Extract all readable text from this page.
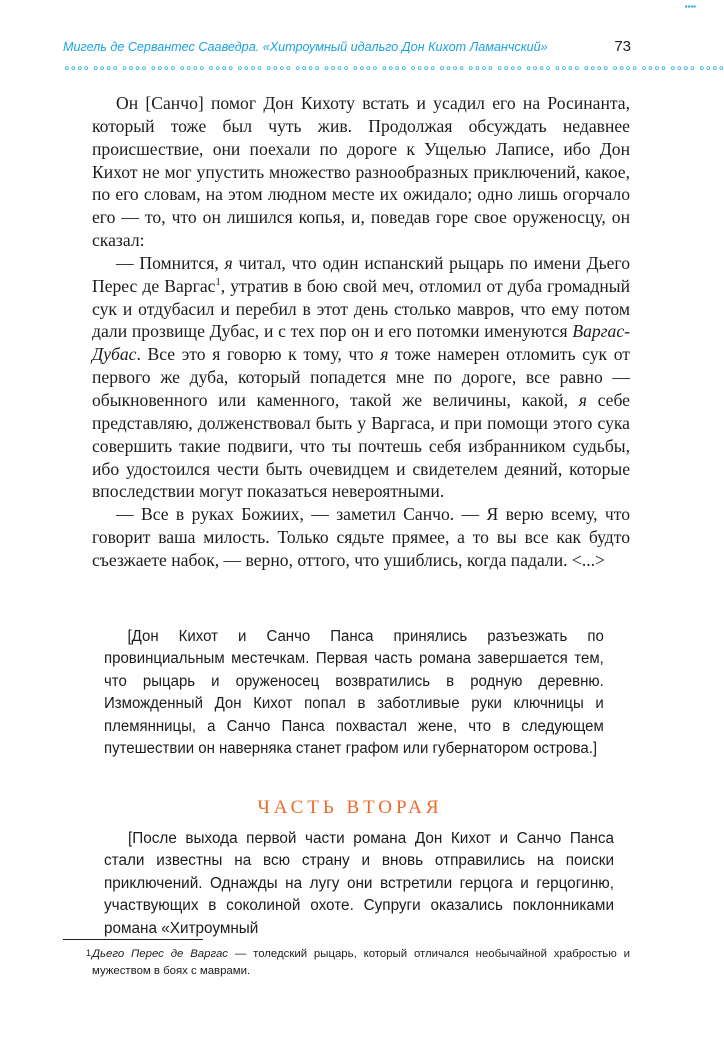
▪▪▪▪
Мигель де Сервантес Сааведра. «Хитроумный идальго Дон Кихот Ламанчский»	73
∘∘∘∘ ∘∘∘∘ ∘∘∘∘ ∘∘∘∘ ∘∘∘∘ ∘∘∘∘ ∘∘∘∘ ∘∘∘∘ ∘∘∘∘ ∘∘∘∘ ∘∘∘∘ ∘∘∘∘ ∘∘∘∘ ∘∘∘∘ ∘∘∘∘ ∘∘∘∘ ∘∘∘∘ ∘∘∘∘ ∘∘∘∘ ∘∘∘∘ ∘∘∘∘ ∘∘∘∘ ∘∘∘∘

Он [Санчо] помог Дон Кихоту встать и усадил его на Росинанта, который тоже был чуть жив. Продолжая обсуждать недавнее происшествие, они поехали по дороге к Ущелью Лаписе, ибо Дон Кихот не мог упустить множество разнообразных приключений, какое, по его словам, на этом людном месте их ожидало; одно лишь огорчало его — то, что он лишился копья, и, поведав горе свое оруженосцу, он сказал:

— Помнится, я читал, что один испанский рыцарь по имени Дьего Перес де Варгас$^1$, утратив в бою свой меч, отломил от дуба громадный сук и отдубасил и перебил в этот день столько мавров, что ему потом дали прозвище Дубас, и с тех пор он и его потомки именуются Варгас-Дубас. Все это я говорю к тому, что я тоже намерен отломить сук от первого же дуба, который попадется мне по дороге, все равно — обыкновенного или каменного, такой же величины, какой, я себе представляю, долженствовал быть у Варгаса, и при помощи этого сука совершить такие подвиги, что ты почтешь себя избранником судьбы, ибо удостоился чести быть очевидцем и свидетелем деяний, которые впоследствии могут показаться невероятными.

— Все в руках Божиих, — заметил Санчо. — Я верю всему, что говорит ваша милость. Только сядьте прямее, а то вы все как будто съезжаете набок, — верно, оттого, что ушиблись, когда падали. <...>

[Дон Кихот и Санчо Панса принялись разъезжать по провинциальным местечкам. Первая часть романа завершается тем, что рыцарь и оруженосец возвратились в родную деревню. Изможденный Дон Кихот попал в заботливые руки ключницы и племянницы, а Санчо Панса похвастал жене, что в следующем путешествии он наверняка станет графом или губернатором острова.]

ЧАСТЬ ВТОРАЯ

[После выхода первой части романа Дон Кихот и Санчо Панса стали известны на всю страну и вновь отправились на поиски приключений. Однажды на лугу они встретили герцога и герцогиню, участвующих в соколиной охоте. Супруги оказались поклонниками романа «Хитроумный

1 Дьего Перес де Варгас — толедский рыцарь, который отличался необычайной храбростью и мужеством в боях с маврами.
